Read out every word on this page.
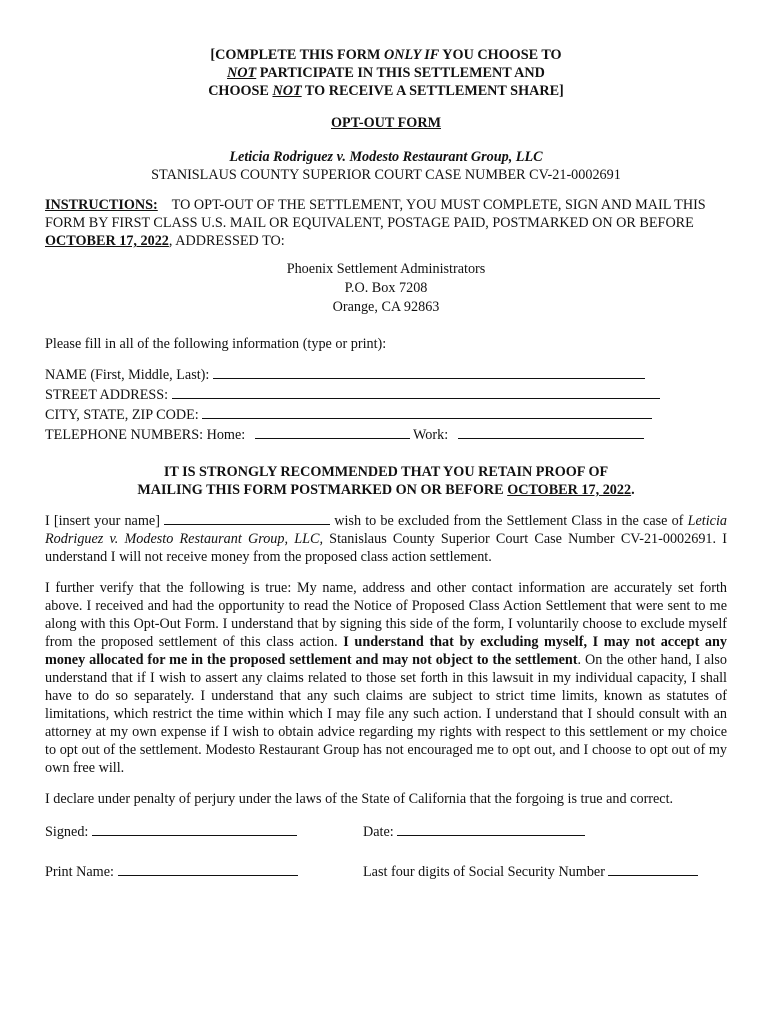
[COMPLETE THIS FORM ONLY IF YOU CHOOSE TO
NOT PARTICIPATE IN THIS SETTLEMENT AND
CHOOSE NOT TO RECEIVE A SETTLEMENT SHARE]
OPT-OUT FORM
Leticia Rodriguez v. Modesto Restaurant Group, LLC
STANISLAUS COUNTY SUPERIOR COURT CASE NUMBER CV-21-0002691
INSTRUCTIONS:    TO OPT-OUT OF THE SETTLEMENT, YOU MUST COMPLETE, SIGN AND MAIL THIS FORM BY FIRST CLASS U.S. MAIL OR EQUIVALENT, POSTAGE PAID, POSTMARKED ON OR BEFORE OCTOBER 17, 2022, ADDRESSED TO:
Phoenix Settlement Administrators
P.O. Box 7208
Orange, CA 92863
Please fill in all of the following information (type or print):
NAME (First, Middle, Last):
STREET ADDRESS:
CITY, STATE, ZIP CODE:
TELEPHONE NUMBERS: Home:	Work:
IT IS STRONGLY RECOMMENDED THAT YOU RETAIN PROOF OF
MAILING THIS FORM POSTMARKED ON OR BEFORE OCTOBER 17, 2022.
I [insert your name]	wish to be excluded from the Settlement Class in the case of Leticia Rodriguez v. Modesto Restaurant Group, LLC, Stanislaus County Superior Court Case Number CV-21-0002691. I understand I will not receive money from the proposed class action settlement.
I further verify that the following is true: My name, address and other contact information are accurately set forth above. I received and had the opportunity to read the Notice of Proposed Class Action Settlement that were sent to me along with this Opt-Out Form. I understand that by signing this side of the form, I voluntarily choose to exclude myself from the proposed settlement of this class action. I understand that by excluding myself, I may not accept any money allocated for me in the proposed settlement and may not object to the settlement. On the other hand, I also understand that if I wish to assert any claims related to those set forth in this lawsuit in my individual capacity, I shall have to do so separately. I understand that any such claims are subject to strict time limits, known as statutes of limitations, which restrict the time within which I may file any such action. I understand that I should consult with an attorney at my own expense if I wish to obtain advice regarding my rights with respect to this settlement or my choice to opt out of the settlement. Modesto Restaurant Group has not encouraged me to opt out, and I choose to opt out of my own free will.
I declare under penalty of perjury under the laws of the State of California that the forgoing is true and correct.
Signed:	Date:
Print Name:	Last four digits of Social Security Number
